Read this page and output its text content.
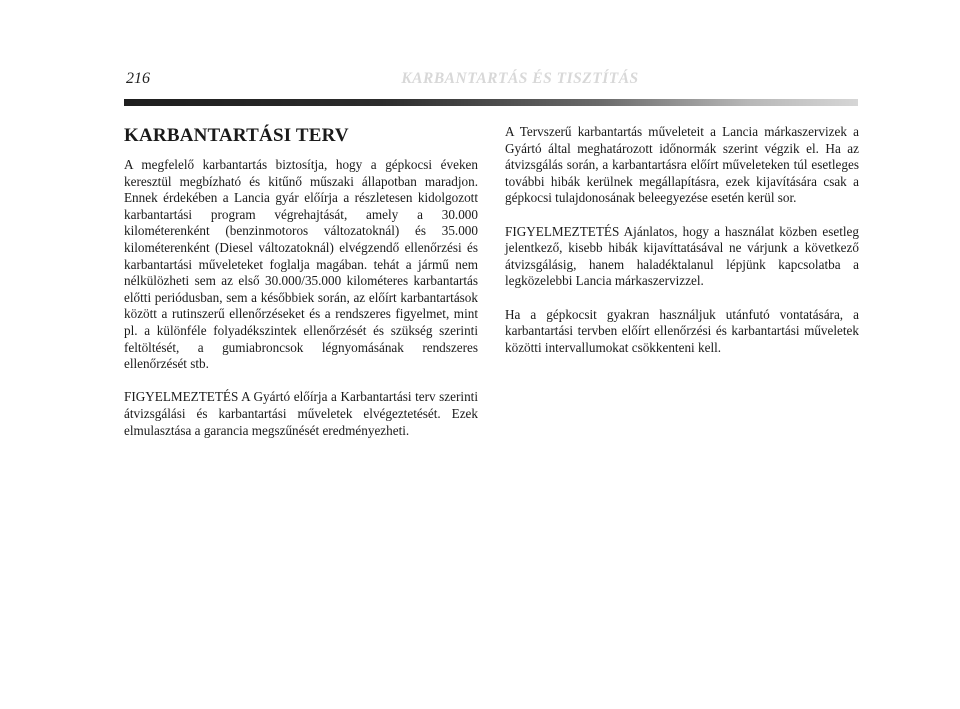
216	KARBANTARTÁS ÉS TISZTÍTÁS
KARBANTARTÁSI TERV

A megfelelő karbantartás biztosítja, hogy a gépkocsi éveken keresztül megbízható és kitűnő műszaki állapotban maradjon. Ennek érdekében a Lancia gyár előírja a részletesen kidolgozott karbantartási program végrehajtását, amely a 30.000 kilométerenként (benzinmotoros változatoknál) és 35.000 kilométerenként (Diesel változatoknál) elvégzendő ellenőrzési és karbantartási műveleteket foglalja magában. tehát a jármű nem nélkülözheti sem az első 30.000/35.000 kilométeres karbantartás előtti periódusban, sem a későbbiek során, az előírt karbantartások között a rutinszerű ellenőrzéseket és a rendszeres figyelmet, mint pl. a különféle folyadékszintek ellenőrzését és szükség szerinti feltöltését, a gumiabroncsok légnyomásának rendszeres ellenőrzését stb.

FIGYELMEZTETÉS A Gyártó előírja a Karbantartási terv szerinti átvizsgálási és karbantartási műveletek elvégeztetését. Ezek elmulasztása a garancia megszűnését eredményezheti.

A Tervszerű karbantartás műveleteit a Lancia márkaszervizek a Gyártó által meghatározott időnormák szerint végzik el. Ha az átvizsgálás során, a karbantartásra előírt műveleteken túl esetleges további hibák kerülnek megállapításra, ezek kijavítására csak a gépkocsi tulajdonosának beleegyezése esetén kerül sor.

FIGYELMEZTETÉS Ajánlatos, hogy a használat közben esetleg jelentkező, kisebb hibák kijavíttatásával ne várjunk a következő átvizsgálásig, hanem haladéktalanul lépjünk kapcsolatba a legközelebbi Lancia márkaszervizzel.

Ha a gépkocsit gyakran használjuk utánfutó vontatására, a karbantartási tervben előírt ellenőrzési és karbantartási műveletek közötti intervallumokat csökkenteni kell.
